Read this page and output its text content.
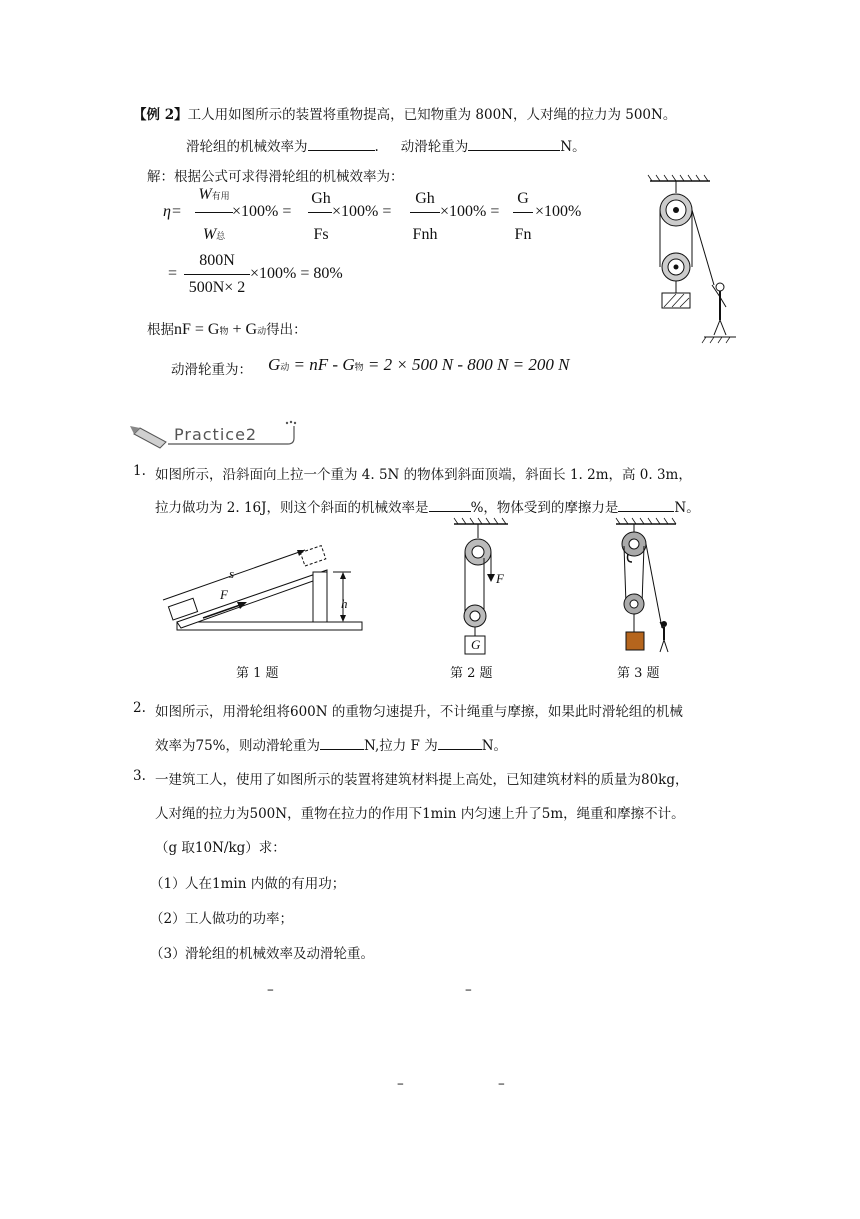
【例 2】工人用如图所示的装置将重物提高，已知物重为 800N，人对绳的拉力为 500N。
滑轮组的机械效率为	. 动滑轮重为	N。
解：根据公式可求得滑轮组的机械效率为：
η=
W有用
W总
×100% =
Gh
Fs
×100% =
Gh
Fnh
×100% =
G
Fn
×100%
=
800N
500N× 2
×100% = 80%
根据nF = G物 + G动得出：
动滑轮重为： G动 = nF - G物 = 2 × 500 N - 800 N = 200 N
Practice2
1. 如图所示，沿斜面向上拉一个重为 4. 5N 的物体到斜面顶端，斜面长 1. 2m，高 0. 3m，
拉力做功为 2. 16J，则这个斜面的机械效率是	%，物体受到的摩擦力是	N。
s
F
h
F
G
第 1 题	第 2 题	第 3 题
2. 如图所示，用滑轮组将600N 的重物匀速提升，不计绳重与摩擦，如果此时滑轮组的机械
效率为75%，则动滑轮重为	N,拉力 F 为	N。
3. 一建筑工人，使用了如图所示的装置将建筑材料提上高处，已知建筑材料的质量为80kg，
人对绳的拉力为500N，重物在拉力的作用下1min 内匀速上升了5m，绳重和摩擦不计。
（g 取10N/kg）求：
（1） 人在1min 内做的有用功；
（2） 工人做功的功率；
（3） 滑轮组的机械效率及动滑轮重。
–	–
–	–
